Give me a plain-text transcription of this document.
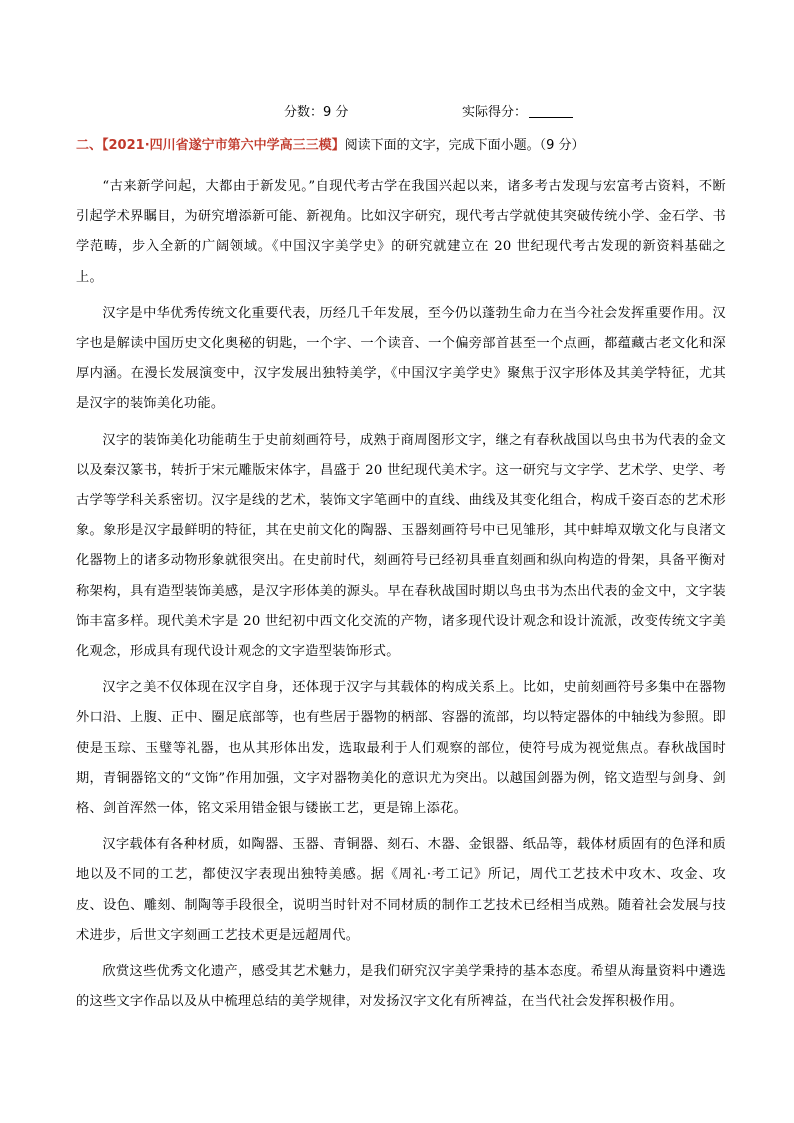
分数：9 分	实际得分：
二、【2021·四川省遂宁市第六中学高三三模】阅读下面的文字，完成下面小题。（9 分）

“古来新学问起，大都由于新发见。”自现代考古学在我国兴起以来，诸多考古发现与宏富考古资料，不断引起学术界瞩目，为研究增添新可能、新视角。比如汉字研究，现代考古学就使其突破传统小学、金石学、书学范畴，步入全新的广阔领域。《中国汉字美学史》的研究就建立在 20 世纪现代考古发现的新资料基础之上。

汉字是中华优秀传统文化重要代表，历经几千年发展，至今仍以蓬勃生命力在当今社会发挥重要作用。汉字也是解读中国历史文化奥秘的钥匙，一个字、一个读音、一个偏旁部首甚至一个点画，都蕴藏古老文化和深厚内涵。在漫长发展演变中，汉字发展出独特美学，《中国汉字美学史》聚焦于汉字形体及其美学特征，尤其是汉字的装饰美化功能。

汉字的装饰美化功能萌生于史前刻画符号，成熟于商周图形文字，继之有春秋战国以鸟虫书为代表的金文以及秦汉篆书，转折于宋元雕版宋体字，昌盛于 20 世纪现代美术字。这一研究与文字学、艺术学、史学、考古学等学科关系密切。汉字是线的艺术，装饰文字笔画中的直线、曲线及其变化组合，构成千姿百态的艺术形象。象形是汉字最鲜明的特征，其在史前文化的陶器、玉器刻画符号中已见雏形，其中蚌埠双墩文化与良渚文化器物上的诸多动物形象就很突出。在史前时代，刻画符号已经初具垂直刻画和纵向构造的骨架，具备平衡对称架构，具有造型装饰美感，是汉字形体美的源头。早在春秋战国时期以鸟虫书为杰出代表的金文中，文字装饰丰富多样。现代美术字是 20 世纪初中西文化交流的产物，诸多现代设计观念和设计流派，改变传统文字美化观念，形成具有现代设计观念的文字造型装饰形式。

汉字之美不仅体现在汉字自身，还体现于汉字与其载体的构成关系上。比如，史前刻画符号多集中在器物外口沿、上腹、正中、圈足底部等，也有些居于器物的柄部、容器的流部，均以特定器体的中轴线为参照。即使是玉琮、玉璧等礼器，也从其形体出发，选取最利于人们观察的部位，使符号成为视觉焦点。春秋战国时期，青铜器铭文的“文饰”作用加强，文字对器物美化的意识尤为突出。以越国剑器为例，铭文造型与剑身、剑格、剑首浑然一体，铭文采用错金银与镂嵌工艺，更是锦上添花。

汉字载体有各种材质，如陶器、玉器、青铜器、刻石、木器、金银器、纸品等，载体材质固有的色泽和质地以及不同的工艺，都使汉字表现出独特美感。据《周礼·考工记》所记，周代工艺技术中攻木、攻金、攻皮、设色、雕刻、制陶等手段很全，说明当时针对不同材质的制作工艺技术已经相当成熟。随着社会发展与技术进步，后世文字刻画工艺技术更是远超周代。

欣赏这些优秀文化遗产，感受其艺术魅力，是我们研究汉字美学秉持的基本态度。希望从海量资料中遴选的这些文字作品以及从中梳理总结的美学规律，对发扬汉字文化有所裨益，在当代社会发挥积极作用。
